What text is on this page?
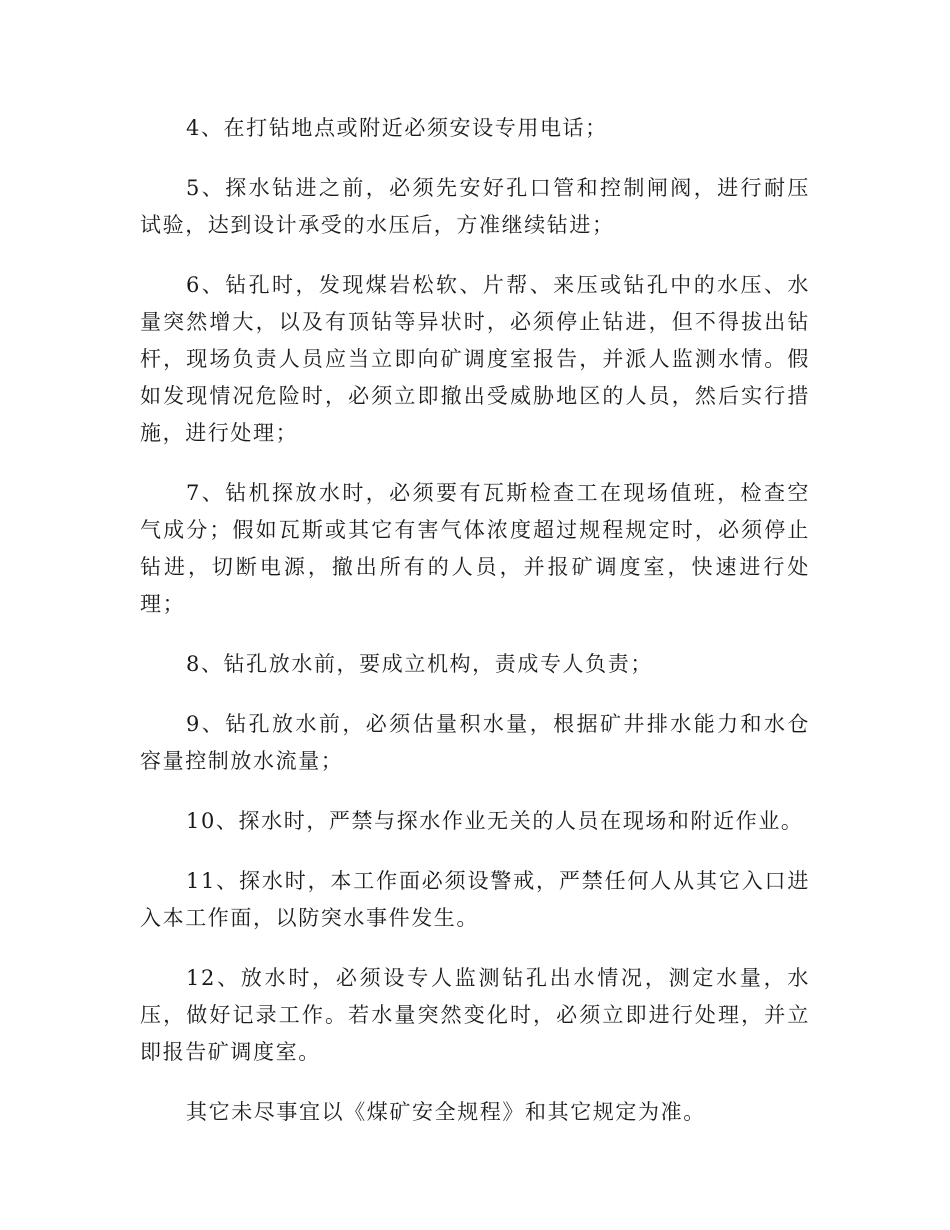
4、在打钻地点或附近必须安设专用电话；

5、探水钻进之前，必须先安好孔口管和控制闸阀，进行耐压试验，达到设计承受的水压后，方准继续钻进；

6、钻孔时，发现煤岩松软、片帮、来压或钻孔中的水压、水量突然增大，以及有顶钻等异状时，必须停止钻进，但不得拔出钻杆，现场负责人员应当立即向矿调度室报告，并派人监测水情。假如发现情况危险时，必须立即撤出受威胁地区的人员，然后实行措施，进行处理；

7、钻机探放水时，必须要有瓦斯检查工在现场值班，检查空气成分；假如瓦斯或其它有害气体浓度超过规程规定时，必须停止钻进，切断电源，撤出所有的人员，并报矿调度室，快速进行处理；

8、钻孔放水前，要成立机构，责成专人负责；

9、钻孔放水前，必须估量积水量，根据矿井排水能力和水仓容量控制放水流量；

10、探水时，严禁与探水作业无关的人员在现场和附近作业。

11、探水时，本工作面必须设警戒，严禁任何人从其它入口进入本工作面，以防突水事件发生。

12、放水时，必须设专人监测钻孔出水情况，测定水量，水压，做好记录工作。若水量突然变化时，必须立即进行处理，并立即报告矿调度室。

其它未尽事宜以《煤矿安全规程》和其它规定为准。
